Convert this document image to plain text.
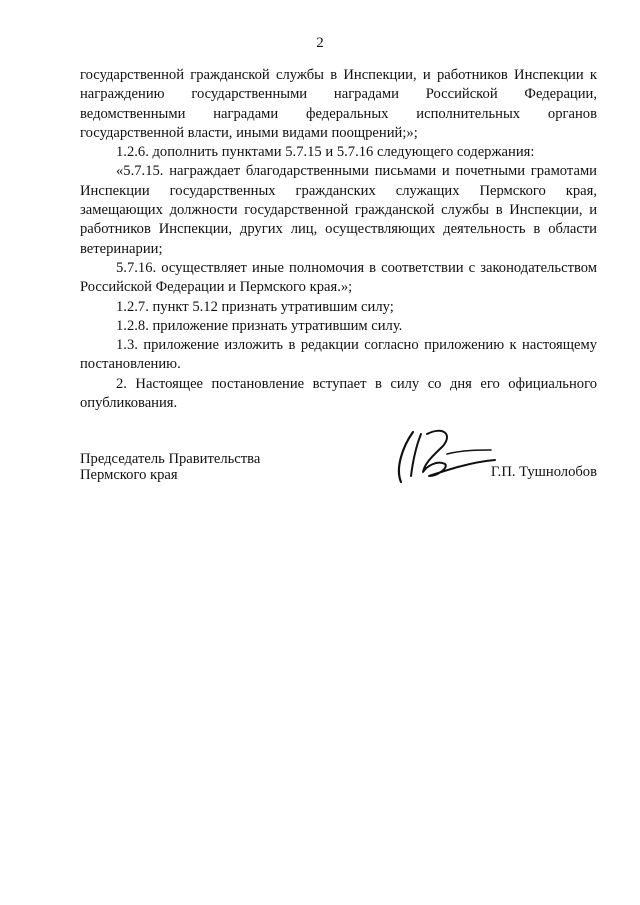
2

государственной гражданской службы в Инспекции, и работников Инспекции к награждению государственными наградами Российской Федерации, ведомственными наградами федеральных исполнительных органов государственной власти, иными видами поощрений;»;

1.2.6. дополнить пунктами 5.7.15 и 5.7.16 следующего содержания:

«5.7.15. награждает благодарственными письмами и почетными грамотами Инспекции государственных гражданских служащих Пермского края, замещающих должности государственной гражданской службы в Инспекции, и работников Инспекции, других лиц, осуществляющих деятельность в области ветеринарии;

5.7.16. осуществляет иные полномочия в соответствии с законодательством Российской Федерации и Пермского края.»;

1.2.7. пункт 5.12 признать утратившим силу;

1.2.8. приложение признать утратившим силу.

1.3. приложение изложить в редакции согласно приложению к настоящему постановлению.

2. Настоящее постановление вступает в силу со дня его официального опубликования.

Председатель Правительства
Пермского края	Г.П. Тушнолобов
